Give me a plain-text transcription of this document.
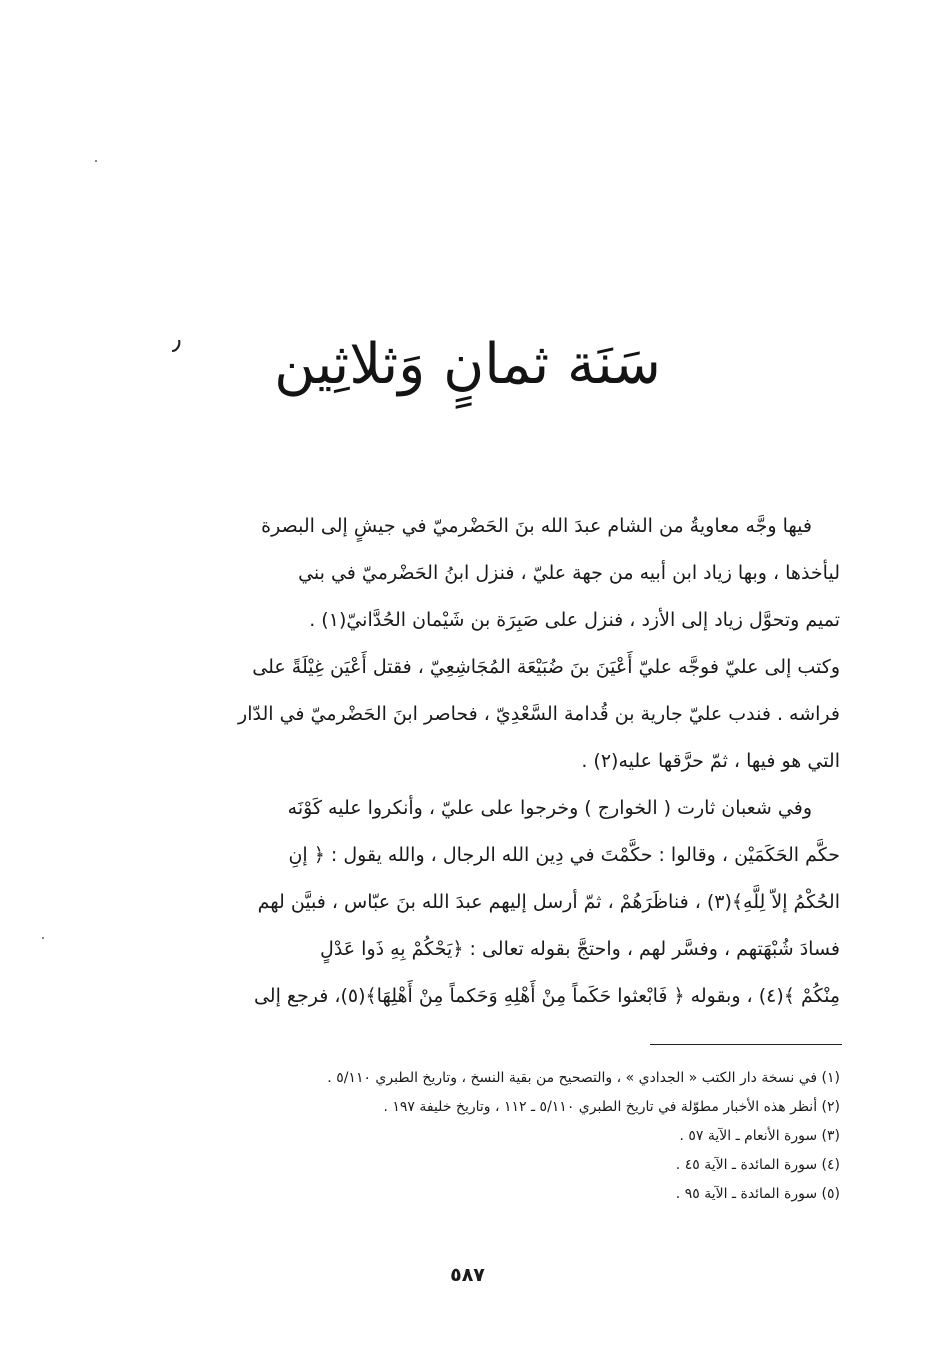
٫	سَنَة ثمانٍ وَثلاثِين

فيها وجَّه معاويةُ من الشام عبدَ الله بنَ الحَضْرميّ في جيشٍ إلى البصرة

ليأخذها ، وبها زياد ابن أبيه من جهة عليّ ، فنزل ابنُ الحَضْرميّ في بني

تميم وتحوَّل زياد إلى الأزد ، فنزل على صَبِرَة بن شَيْمان الحُدَّانيّ(١) .

وكتب إلى عليّ فوجَّه عليّ أَعْيَنَ بنَ ضُبَيْعَة المُجَاشِعِيّ ، فقتل أَعْيَن غِيْلَةً على

فراشه . فندب عليّ جارية بن قُدامة السَّعْدِيّ ، فحاصر ابنَ الحَضْرميّ في الدّار

التي هو فيها ، ثمّ حرَّقها عليه(٢) .

وفي شعبان ثارت ( الخوارج ) وخرجوا على عليّ ، وأنكروا عليه كَوْنَه

حكَّم الحَكَمَيْن ، وقالوا : حكَّمْتَ في دِين الله الرجال ، والله يقول : ﴿ إنِ

الحُكْمُ إلاّ لِلَّهِ﴾(٣) ، فناظَرَهُمْ ، ثمّ أرسل إليهم عبدَ الله بنَ عبّاس ، فبيَّن لهم

فسادَ شُبْهَتهم ، وفسَّر لهم ، واحتجَّ بقوله تعالى : ﴿يَحْكُمْ بِهِ ذَوا عَدْلٍ

مِنْكُمْ ﴾(٤) ، وبقوله ﴿ فَابْعثوا حَكَماً مِنْ أَهْلِهِ وَحَكماً مِنْ أَهْلِهَا﴾(٥)، فرجع إلى

(١) في نسخة دار الكتب « الجدادي » ، والتصحيح من بقية النسخ ، وتاريخ الطبري ٥/١١٠ .
(٢) أنظر هذه الأخبار مطوّلة في تاريخ الطبري ٥/١١٠ ـ ١١٢ ، وتاريخ خليفة ١٩٧ .
(٣) سورة الأنعام ـ الآية ٥٧ .
(٤) سورة المائدة ـ الآية ٤٥ .
(٥) سورة المائدة ـ الآية ٩٥ .
٥٨٧
